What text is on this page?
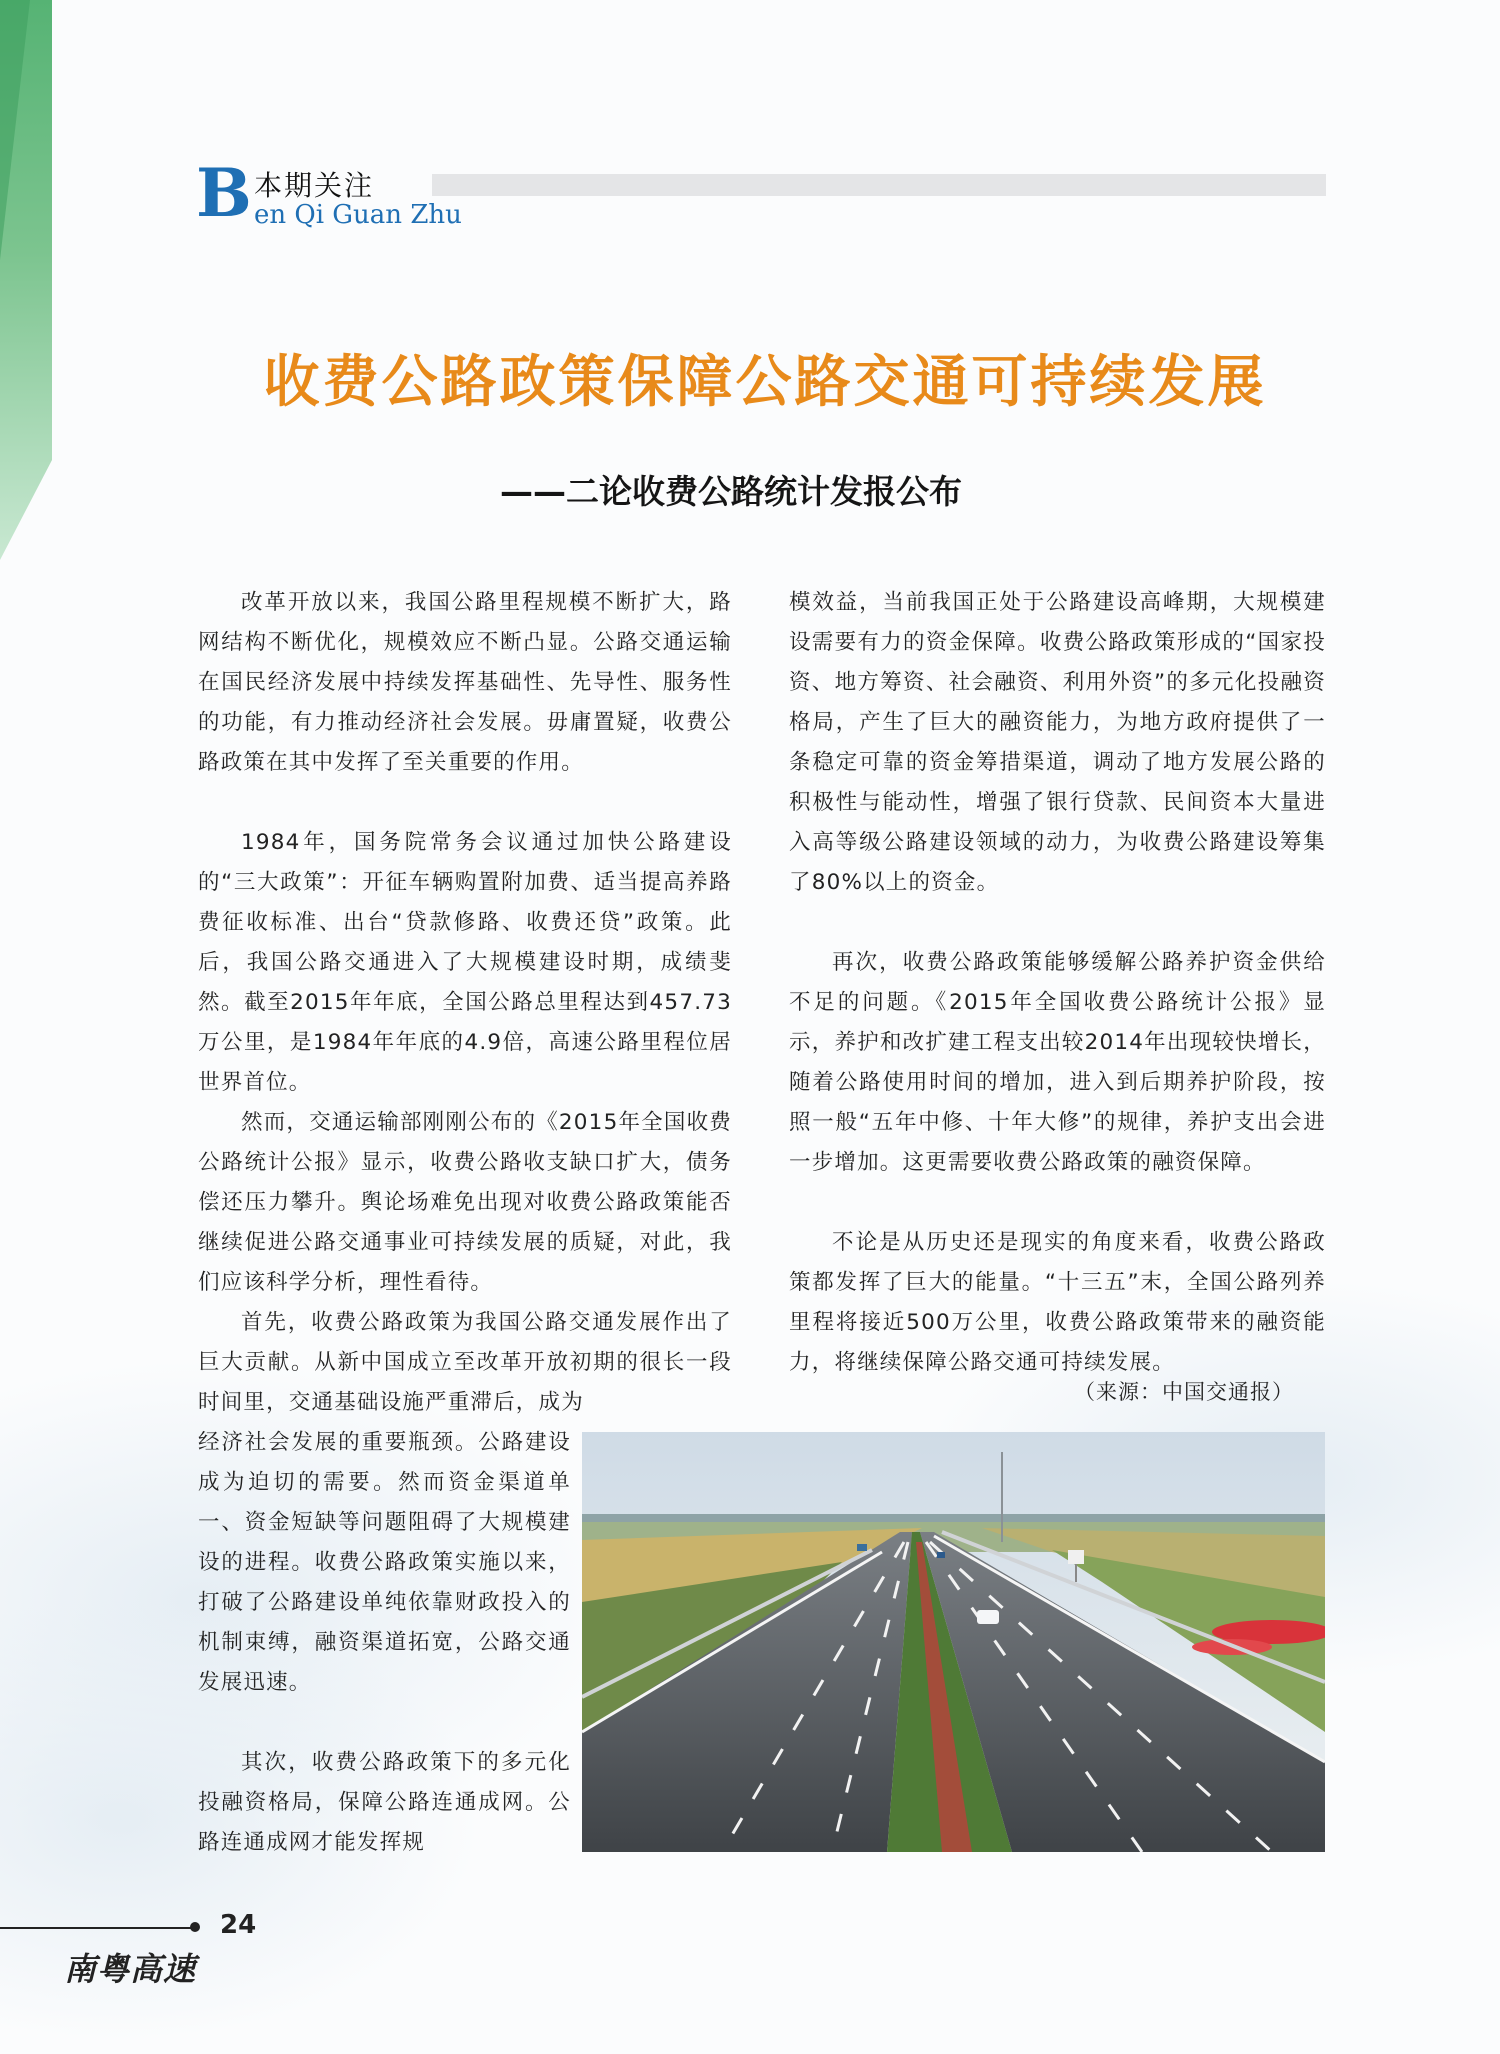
B 本期关注
en Qi Guan Zhu
收费公路政策保障公路交通可持续发展
——二论收费公路统计发报公布

改革开放以来，我国公路里程规模不断扩大，路网结构不断优化，规模效应不断凸显。公路交通运输在国民经济发展中持续发挥基础性、先导性、服务性的功能，有力推动经济社会发展。毋庸置疑，收费公路政策在其中发挥了至关重要的作用。

1984年，国务院常务会议通过加快公路建设的“三大政策”：开征车辆购置附加费、适当提高养路费征收标准、出台“贷款修路、收费还贷”政策。此后，我国公路交通进入了大规模建设时期，成绩斐然。截至2015年年底，全国公路总里程达到457.73万公里，是1984年年底的4.9倍，高速公路里程位居世界首位。

然而，交通运输部刚刚公布的《2015年全国收费公路统计公报》显示，收费公路收支缺口扩大，债务偿还压力攀升。舆论场难免出现对收费公路政策能否继续促进公路交通事业可持续发展的质疑，对此，我们应该科学分析，理性看待。

首先，收费公路政策为我国公路交通发展作出了巨大贡献。从新中国成立至改革开放初期的很长一段时间里，交通基础设施严重滞后，成为

经济社会发展的重要瓶颈。公路建设成为迫切的需要。然而资金渠道单一、资金短缺等问题阻碍了大规模建设的进程。收费公路政策实施以来，打破了公路建设单纯依靠财政投入的机制束缚，融资渠道拓宽，公路交通发展迅速。

其次，收费公路政策下的多元化投融资格局，保障公路连通成网。公路连通成网才能发挥规

模效益，当前我国正处于公路建设高峰期，大规模建设需要有力的资金保障。收费公路政策形成的“国家投资、地方筹资、社会融资、利用外资”的多元化投融资格局，产生了巨大的融资能力，为地方政府提供了一条稳定可靠的资金筹措渠道，调动了地方发展公路的积极性与能动性，增强了银行贷款、民间资本大量进入高等级公路建设领域的动力，为收费公路建设筹集了80%以上的资金。

再次，收费公路政策能够缓解公路养护资金供给不足的问题。《2015年全国收费公路统计公报》显示，养护和改扩建工程支出较2014年出现较快增长，随着公路使用时间的增加，进入到后期养护阶段，按照一般“五年中修、十年大修”的规律，养护支出会进一步增加。这更需要收费公路政策的融资保障。

不论是从历史还是现实的角度来看，收费公路政策都发挥了巨大的能量。“十三五”末，全国公路列养里程将接近500万公里，收费公路政策带来的融资能力，将继续保障公路交通可持续发展。

（来源：中国交通报）
24
南粤高速
